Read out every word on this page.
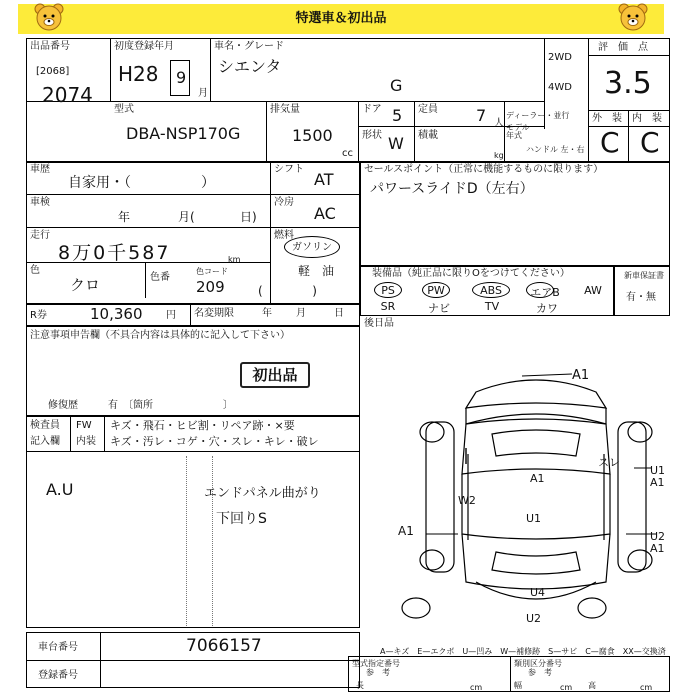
特選車＆初出品
出品番号
[2068]
2074
初度登録年月
H28 9
月
車名・グレード
シエンタ
G
2WD
4WD
評　価　点
3.5
外　装 内　装
C C
型式
DBA-NSP170G
排気量
1500
cc
ドア 5
形状 W
定員 7 人
積載
kg
ディーラー・並行
モデル
年式
ハンドル 左・右
車歴
自家用・（　　　　　）
シフト
AT
車検
年	月(	日)
冷房
AC
走行
8万0千587	km
燃料
ガソリン
軽　油
色
クロ	色番
色コード
209	(             )
R券	10,360 円 名変期限	年 月	日
セールスポイント（正常に機能するものに限ります）
パワースライドD（左右）
装備品（純正品に限りOをつけてください）
PS	PW	ABS	エアB	AW
SR	ナビ	TV	カワ
新車保証書
有・無
後日品
注意事項申告欄（不具合内容は具体的に記入して下さい）
初出品
修復歴	有　〔箇所　　　　　　　〕
検査員
記入欄
FW
内装
キズ・飛石・ヒビ割・リペア跡・×要
キズ・汚レ・コゲ・穴・スレ・キレ・破レ
A.U	エンドパネル曲がり
下回りS
A1
スレ
A1
W2
U1
U1
A1
A1	U2
A1
U4
U2
A—キズ　E—エクボ　U—凹み　W—補修跡　S—サビ　C—腐食　XX—交換済
車台番号	7066157
登録番号
型式指定番号
参　考
類別区分番号
参　考
長	cm	幅	cm 高	cm
